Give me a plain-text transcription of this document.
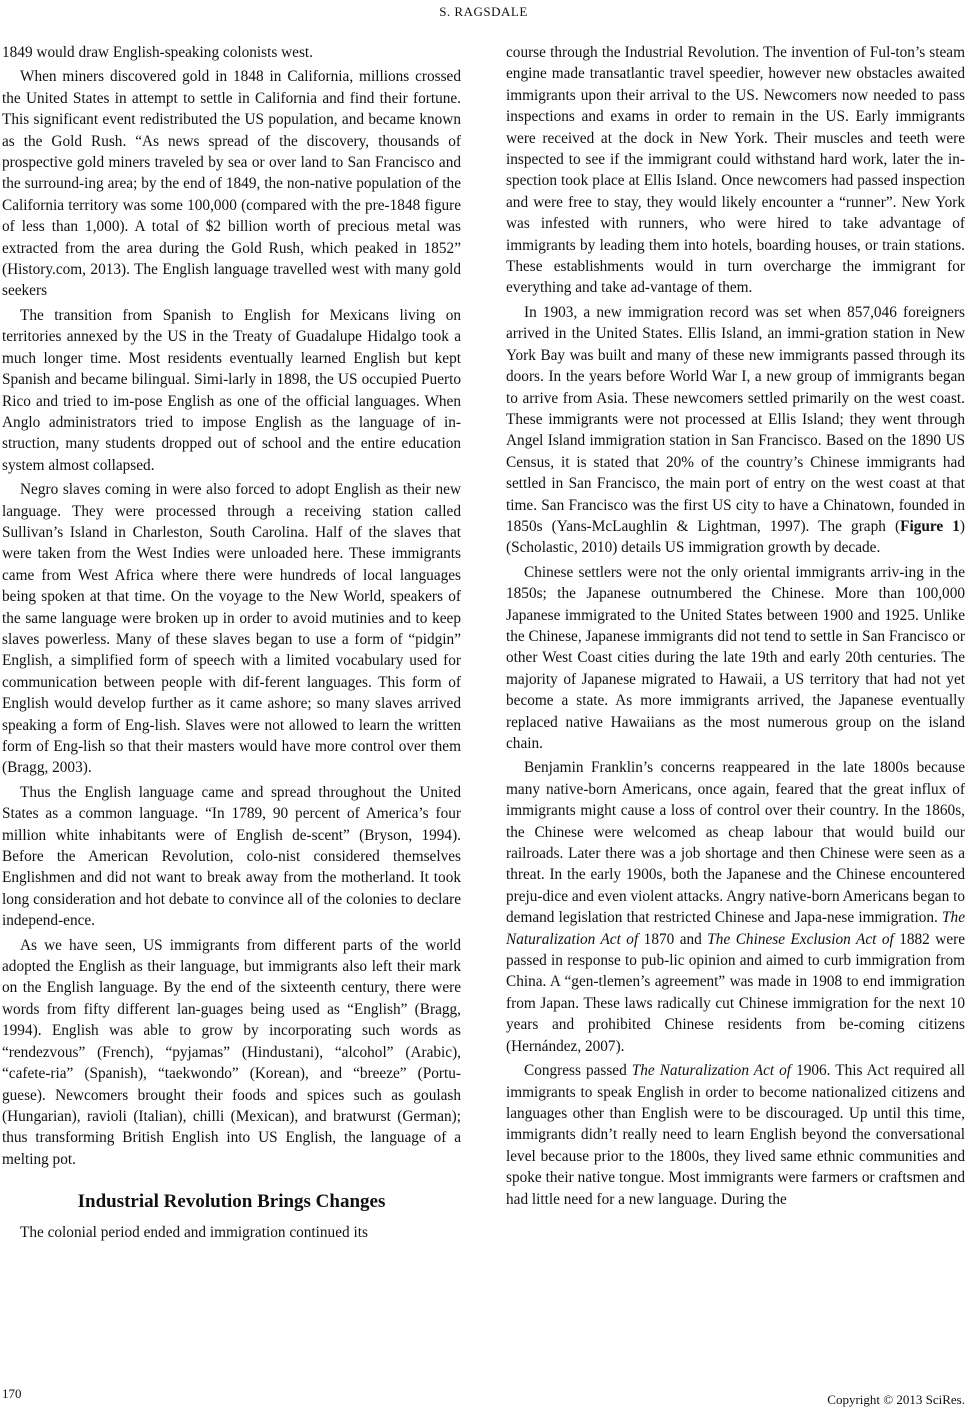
S. RAGSDALE

1849 would draw English-speaking colonists west.

When miners discovered gold in 1848 in California, millions crossed the United States in attempt to settle in California and find their fortune. This significant event redistributed the US population, and became known as the Gold Rush. “As news spread of the discovery, thousands of prospective gold miners traveled by sea or over land to San Francisco and the surround-ing area; by the end of 1849, the non-native population of the California territory was some 100,000 (compared with the pre-1848 figure of less than 1,000). A total of $2 billion worth of precious metal was extracted from the area during the Gold Rush, which peaked in 1852” (History.com, 2013). The English language travelled west with many gold seekers

The transition from Spanish to English for Mexicans living on territories annexed by the US in the Treaty of Guadalupe Hidalgo took a much longer time. Most residents eventually learned English but kept Spanish and became bilingual. Simi-larly in 1898, the US occupied Puerto Rico and tried to im-pose English as one of the official languages. When Anglo administrators tried to impose English as the language of in-struction, many students dropped out of school and the entire education system almost collapsed.

Negro slaves coming in were also forced to adopt English as their new language. They were processed through a receiving station called Sullivan’s Island in Charleston, South Carolina. Half of the slaves that were taken from the West Indies were unloaded here. These immigrants came from West Africa where there were hundreds of local languages being spoken at that time. On the voyage to the New World, speakers of the same language were broken up in order to avoid mutinies and to keep slaves powerless. Many of these slaves began to use a form of “pidgin” English, a simplified form of speech with a limited vocabulary used for communication between people with dif-ferent languages. This form of English would develop further as it came ashore; so many slaves arrived speaking a form of Eng-lish. Slaves were not allowed to learn the written form of Eng-lish so that their masters would have more control over them (Bragg, 2003).

Thus the English language came and spread throughout the United States as a common language. “In 1789, 90 percent of America’s four million white inhabitants were of English de-scent” (Bryson, 1994). Before the American Revolution, colo-nist considered themselves Englishmen and did not want to break away from the motherland. It took long consideration and hot debate to convince all of the colonies to declare independ-ence.

As we have seen, US immigrants from different parts of the world adopted the English as their language, but immigrants also left their mark on the English language. By the end of the sixteenth century, there were words from fifty different lan-guages being used as “English” (Bragg, 1994). English was able to grow by incorporating such words as “rendezvous” (French), “pyjamas” (Hindustani), “alcohol” (Arabic), “cafete-ria” (Spanish), “taekwondo” (Korean), and “breeze” (Portu-guese). Newcomers brought their foods and spices such as goulash (Hungarian), ravioli (Italian), chilli (Mexican), and bratwurst (German); thus transforming British English into US English, the language of a melting pot.

Industrial Revolution Brings Changes

The colonial period ended and immigration continued its

course through the Industrial Revolution. The invention of Ful-ton’s steam engine made transatlantic travel speedier, however new obstacles awaited immigrants upon their arrival to the US. Newcomers now needed to pass inspections and exams in order to remain in the US. Early immigrants were received at the dock in New York. Their muscles and teeth were inspected to see if the immigrant could withstand hard work, later the in-spection took place at Ellis Island. Once newcomers had passed inspection and were free to stay, they would likely encounter a “runner”. New York was infested with runners, who were hired to take advantage of immigrants by leading them into hotels, boarding houses, or train stations. These establishments would in turn overcharge the immigrant for everything and take ad-vantage of them.

In 1903, a new immigration record was set when 857,046 foreigners arrived in the United States. Ellis Island, an immi-gration station in New York Bay was built and many of these new immigrants passed through its doors. In the years before World War I, a new group of immigrants began to arrive from Asia. These newcomers settled primarily on the west coast. These immigrants were not processed at Ellis Island; they went through Angel Island immigration station in San Francisco. Based on the 1890 US Census, it is stated that 20% of the country’s Chinese immigrants had settled in San Francisco, the main port of entry on the west coast at that time. San Francisco was the first US city to have a Chinatown, founded in 1850s (Yans-McLaughlin & Lightman, 1997). The graph (Figure 1) (Scholastic, 2010) details US immigration growth by decade.

Chinese settlers were not the only oriental immigrants arriv-ing in the 1850s; the Japanese outnumbered the Chinese. More than 100,000 Japanese immigrated to the United States between 1900 and 1925. Unlike the Chinese, Japanese immigrants did not tend to settle in San Francisco or other West Coast cities during the late 19th and early 20th centuries. The majority of Japanese migrated to Hawaii, a US territory that had not yet become a state. As more immigrants arrived, the Japanese eventually replaced native Hawaiians as the most numerous group on the island chain.

Benjamin Franklin’s concerns reappeared in the late 1800s because many native-born Americans, once again, feared that the great influx of immigrants might cause a loss of control over their country. In the 1860s, the Chinese were welcomed as cheap labour that would build our railroads. Later there was a job shortage and then Chinese were seen as a threat. In the early 1900s, both the Japanese and the Chinese encountered preju-dice and even violent attacks. Angry native-born Americans began to demand legislation that restricted Chinese and Japa-nese immigration. The Naturalization Act of 1870 and The Chinese Exclusion Act of 1882 were passed in response to pub-lic opinion and aimed to curb immigration from China. A “gen-tlemen’s agreement” was made in 1908 to end immigration from Japan. These laws radically cut Chinese immigration for the next 10 years and prohibited Chinese residents from be-coming citizens (Hernández, 2007).

Congress passed The Naturalization Act of 1906. This Act required all immigrants to speak English in order to become nationalized citizens and languages other than English were to be discouraged. Up until this time, immigrants didn’t really need to learn English beyond the conversational level because prior to the 1800s, they lived same ethnic communities and spoke their native tongue. Most immigrants were farmers or craftsmen and had little need for a new language. During the

170	Copyright © 2013 SciRes.
